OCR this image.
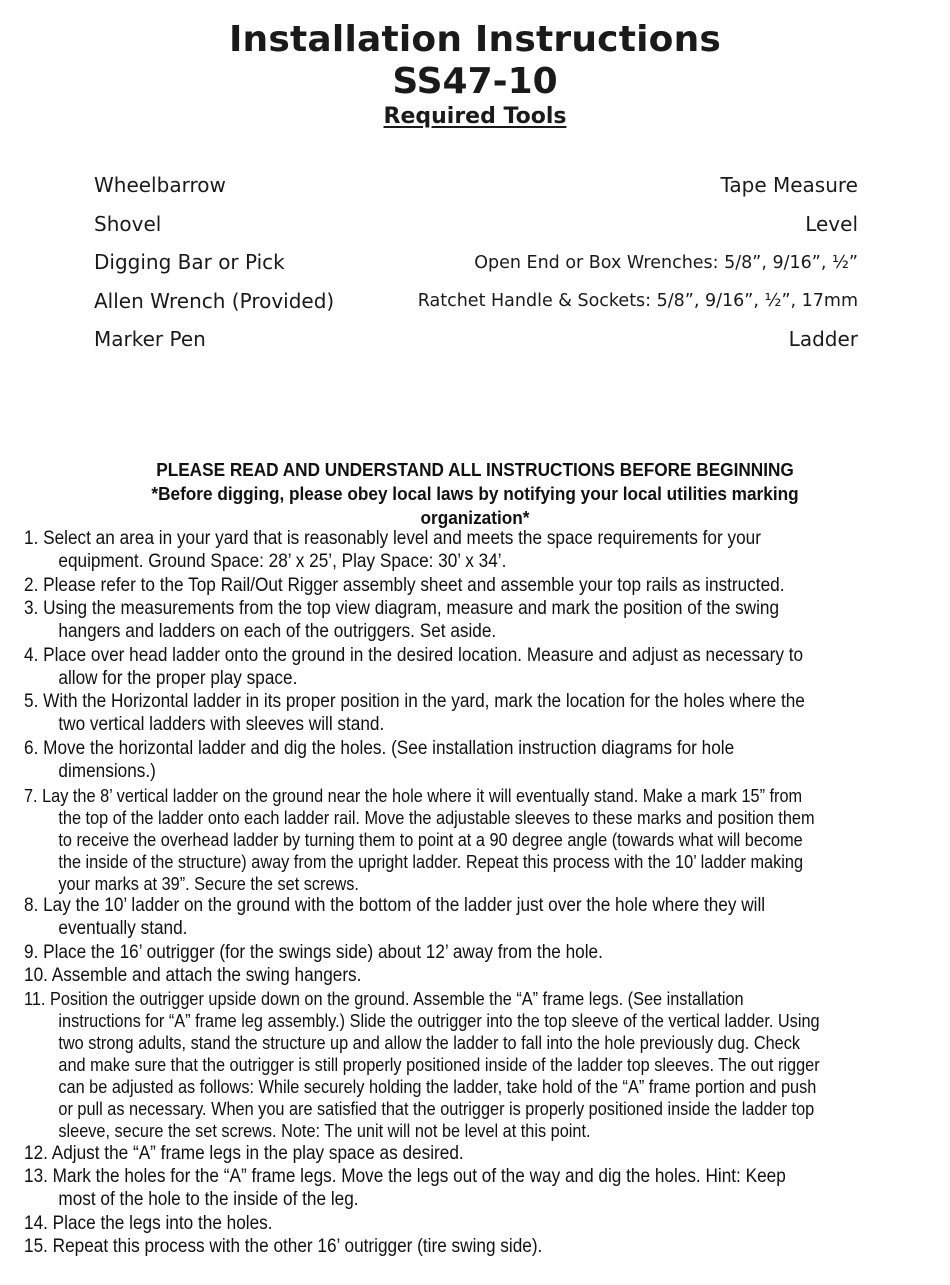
Installation Instructions
SS47-10
Required Tools
Wheelbarrow
Shovel
Digging Bar or Pick
Allen Wrench (Provided)
Marker Pen
Tape Measure
Level
Open End or Box Wrenches: 5/8”, 9/16”, ½”
Ratchet Handle & Sockets: 5/8”, 9/16”, ½”, 17mm
Ladder
PLEASE READ AND UNDERSTAND ALL INSTRUCTIONS BEFORE BEGINNING
*Before digging, please obey local laws by notifying your local utilities marking
organization*
1. Select an area in your yard that is reasonably level and meets the space requirements for your
equipment. Ground Space: 28’ x 25’, Play Space: 30’ x 34’.
2. Please refer to the Top Rail/Out Rigger assembly sheet and assemble your top rails as instructed.
3. Using the measurements from the top view diagram, measure and mark the position of the swing
hangers and ladders on each of the outriggers. Set aside.
4. Place over head ladder onto the ground in the desired location. Measure and adjust as necessary to
allow for the proper play space.
5. With the Horizontal ladder in its proper position in the yard, mark the location for the holes where the
two vertical ladders with sleeves will stand.
6. Move the horizontal ladder and dig the holes. (See installation instruction diagrams for hole
dimensions.)
7. Lay the 8’ vertical ladder on the ground near the hole where it will eventually stand. Make a mark 15” from
the top of the ladder onto each ladder rail. Move the adjustable sleeves to these marks and position them
to receive the overhead ladder by turning them to point at a 90 degree angle (towards what will become
the inside of the structure) away from the upright ladder. Repeat this process with the 10’ ladder making
your marks at 39”. Secure the set screws.
8. Lay the 10’ ladder on the ground with the bottom of the ladder just over the hole where they will
eventually stand.
9. Place the 16’ outrigger (for the swings side) about 12’ away from the hole.
10. Assemble and attach the swing hangers.
11. Position the outrigger upside down on the ground. Assemble the “A” frame legs. (See installation
instructions for “A” frame leg assembly.) Slide the outrigger into the top sleeve of the vertical ladder. Using
two strong adults, stand the structure up and allow the ladder to fall into the hole previously dug. Check
and make sure that the outrigger is still properly positioned inside of the ladder top sleeves. The out rigger
can be adjusted as follows: While securely holding the ladder, take hold of the “A” frame portion and push
or pull as necessary. When you are satisfied that the outrigger is properly positioned inside the ladder top
sleeve, secure the set screws. Note: The unit will not be level at this point.
12. Adjust the “A” frame legs in the play space as desired.
13. Mark the holes for the “A” frame legs. Move the legs out of the way and dig the holes. Hint: Keep
most of the hole to the inside of the leg.
14. Place the legs into the holes.
15. Repeat this process with the other 16’ outrigger (tire swing side).
